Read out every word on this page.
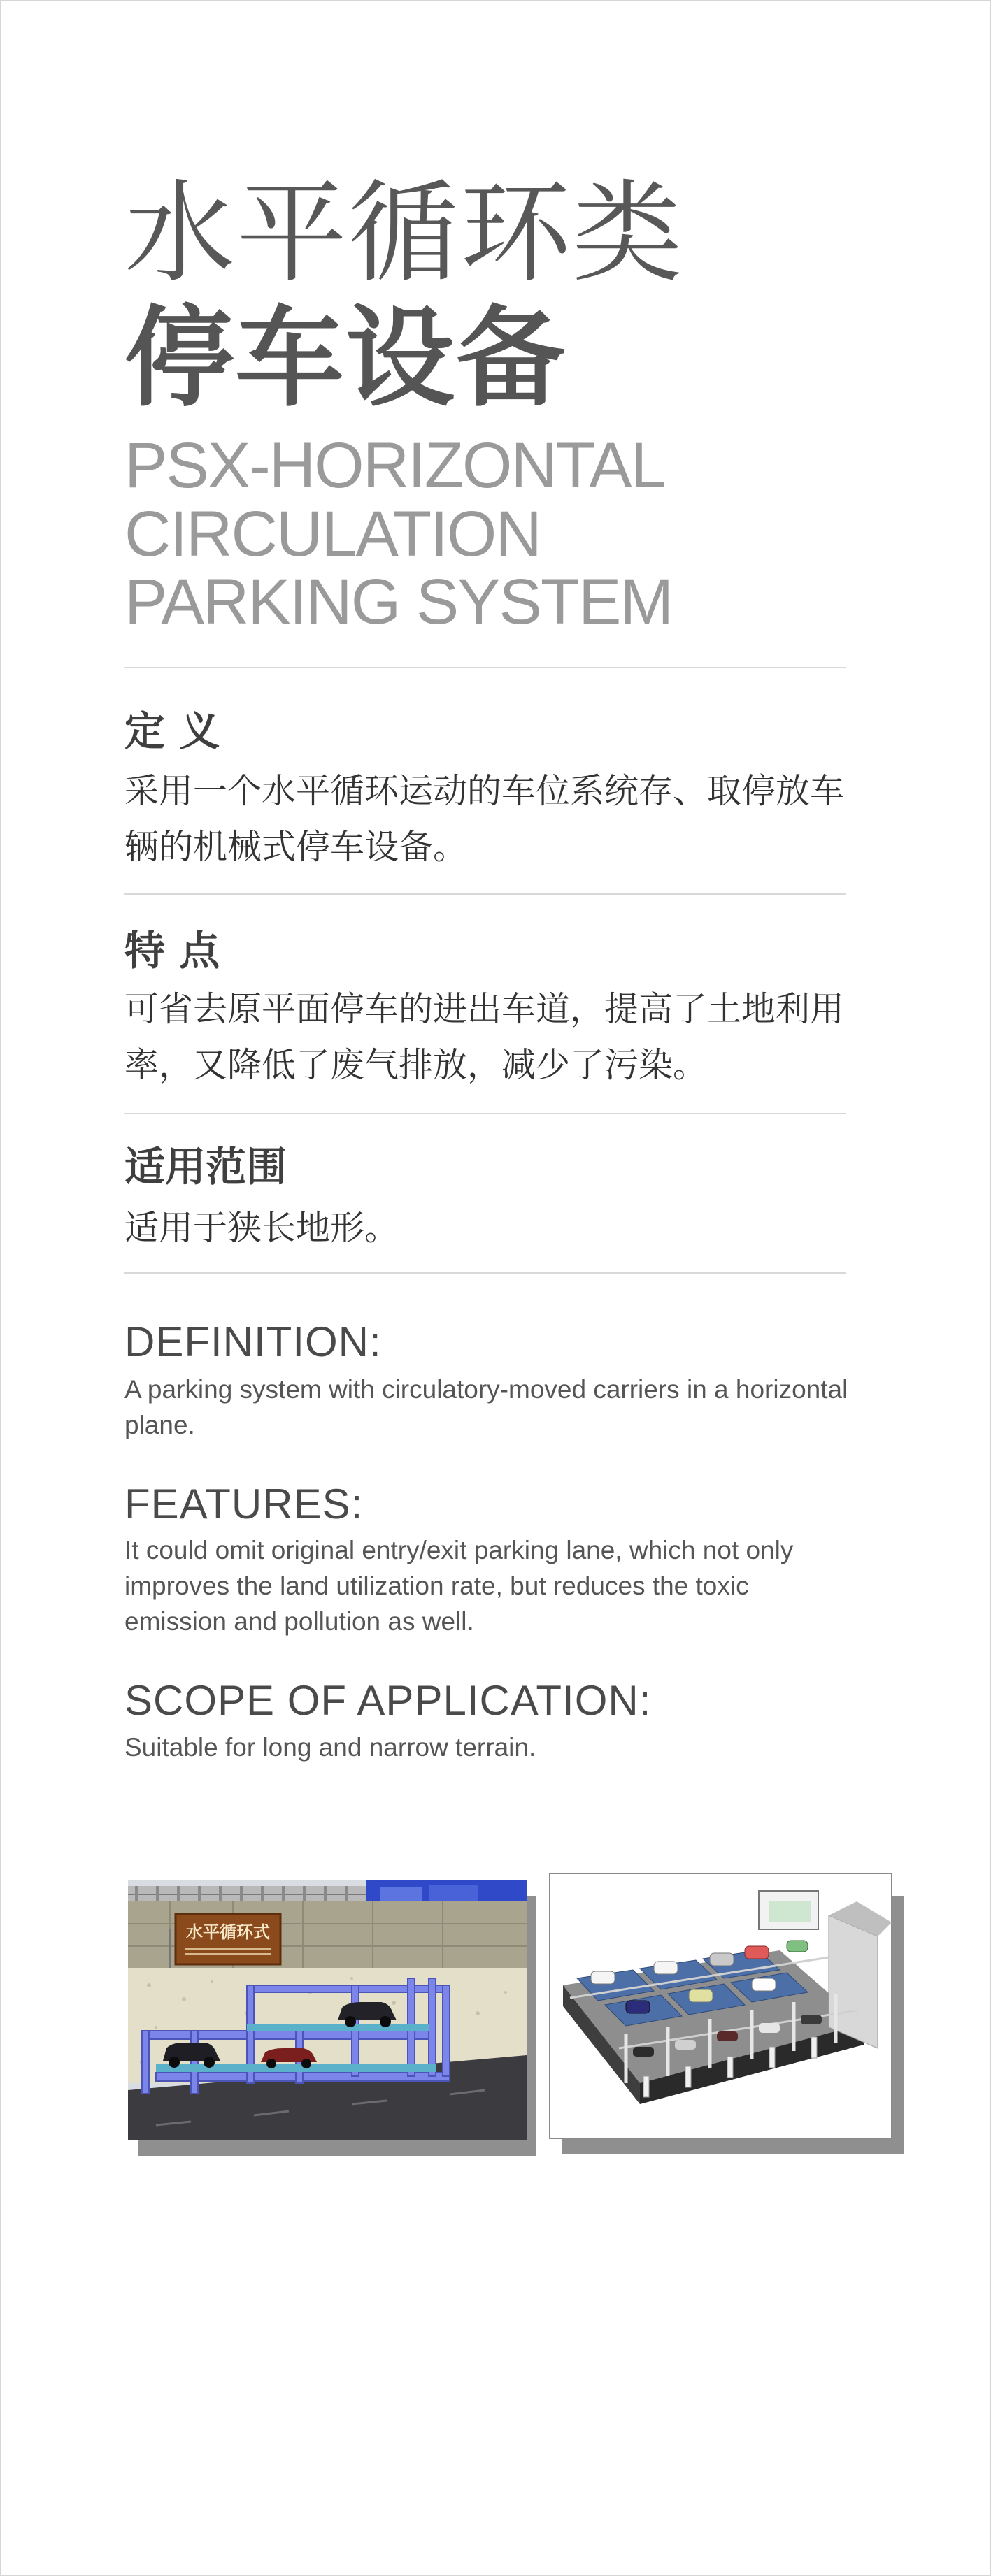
水平循环类
停车设备
PSX-HORIZONTAL
CIRCULATION
PARKING SYSTEM
定 义
采用一个水平循环运动的车位系统存、取停放车辆的机械式停车设备。
特 点
可省去原平面停车的进出车道，提高了土地利用率，又降低了废气排放，减少了污染。
适用范围
适用于狭长地形。
DEFINITION:
A parking system with circulatory-moved carriers in a horizontal plane.
FEATURES:
It could omit original entry/exit parking lane, which not only improves the land utilization rate, but reduces the toxic emission and pollution as well.
SCOPE OF APPLICATION:
Suitable for long and narrow terrain.
水平循环式
